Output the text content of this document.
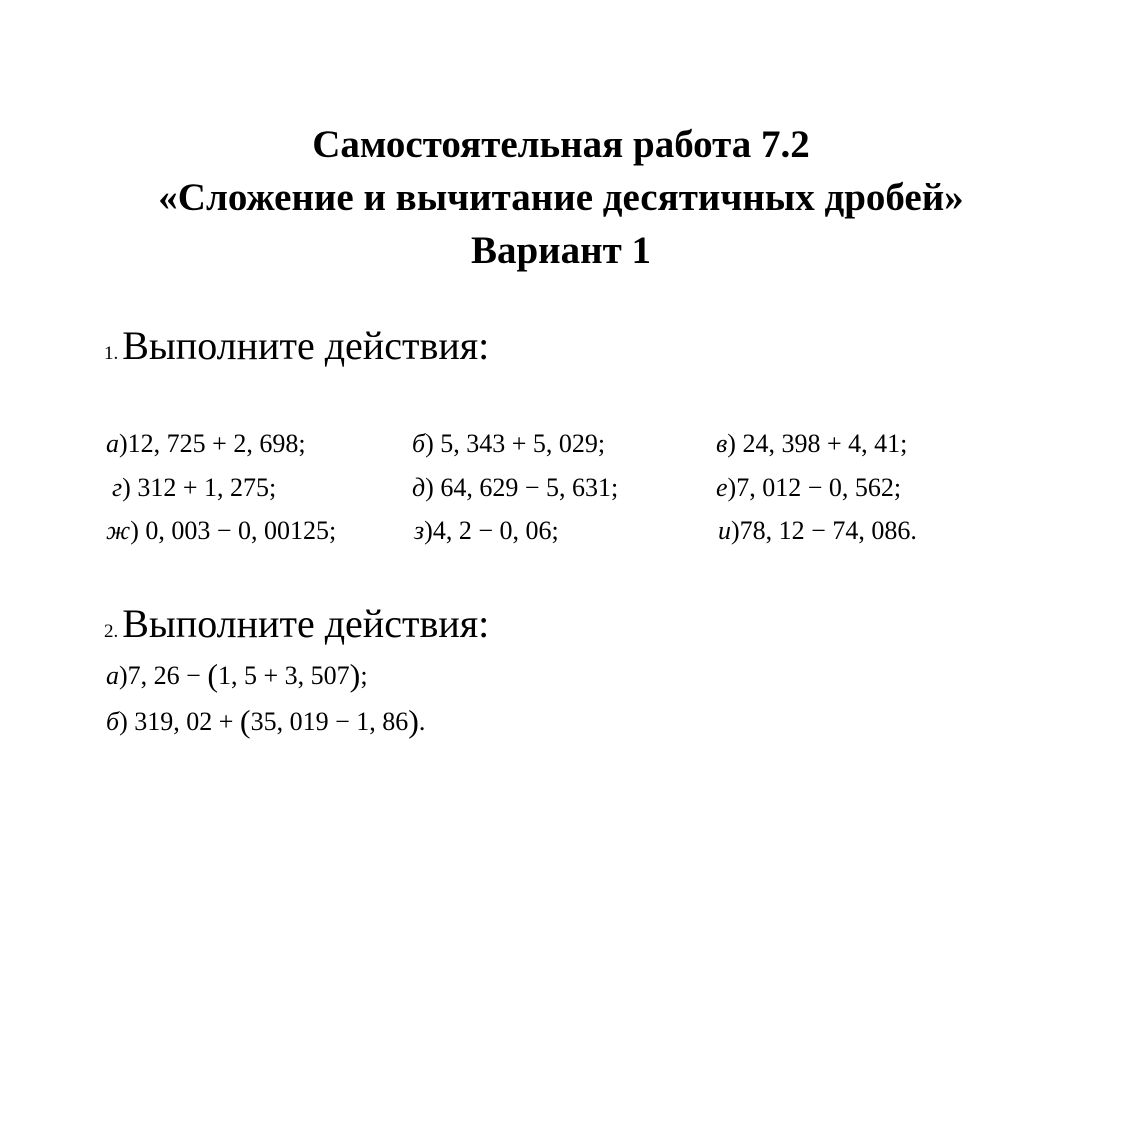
Самостоятельная работа 7.2
«Сложение и вычитание десятичных дробей»
Вариант 1
1. Выполните действия:
а)12, 725 + 2, 698;	б) 5, 343 + 5, 029;	в) 24, 398 + 4, 41;
г) 312 + 1, 275;	д) 64, 629 − 5, 631;	е)7, 012 − 0, 562;
ж) 0, 003 − 0, 00125;	з)4, 2 − 0, 06;	и)78, 12 − 74, 086.
2. Выполните действия:
а)7, 26 − (1, 5 + 3, 507);
б) 319, 02 + (35, 019 − 1, 86).
